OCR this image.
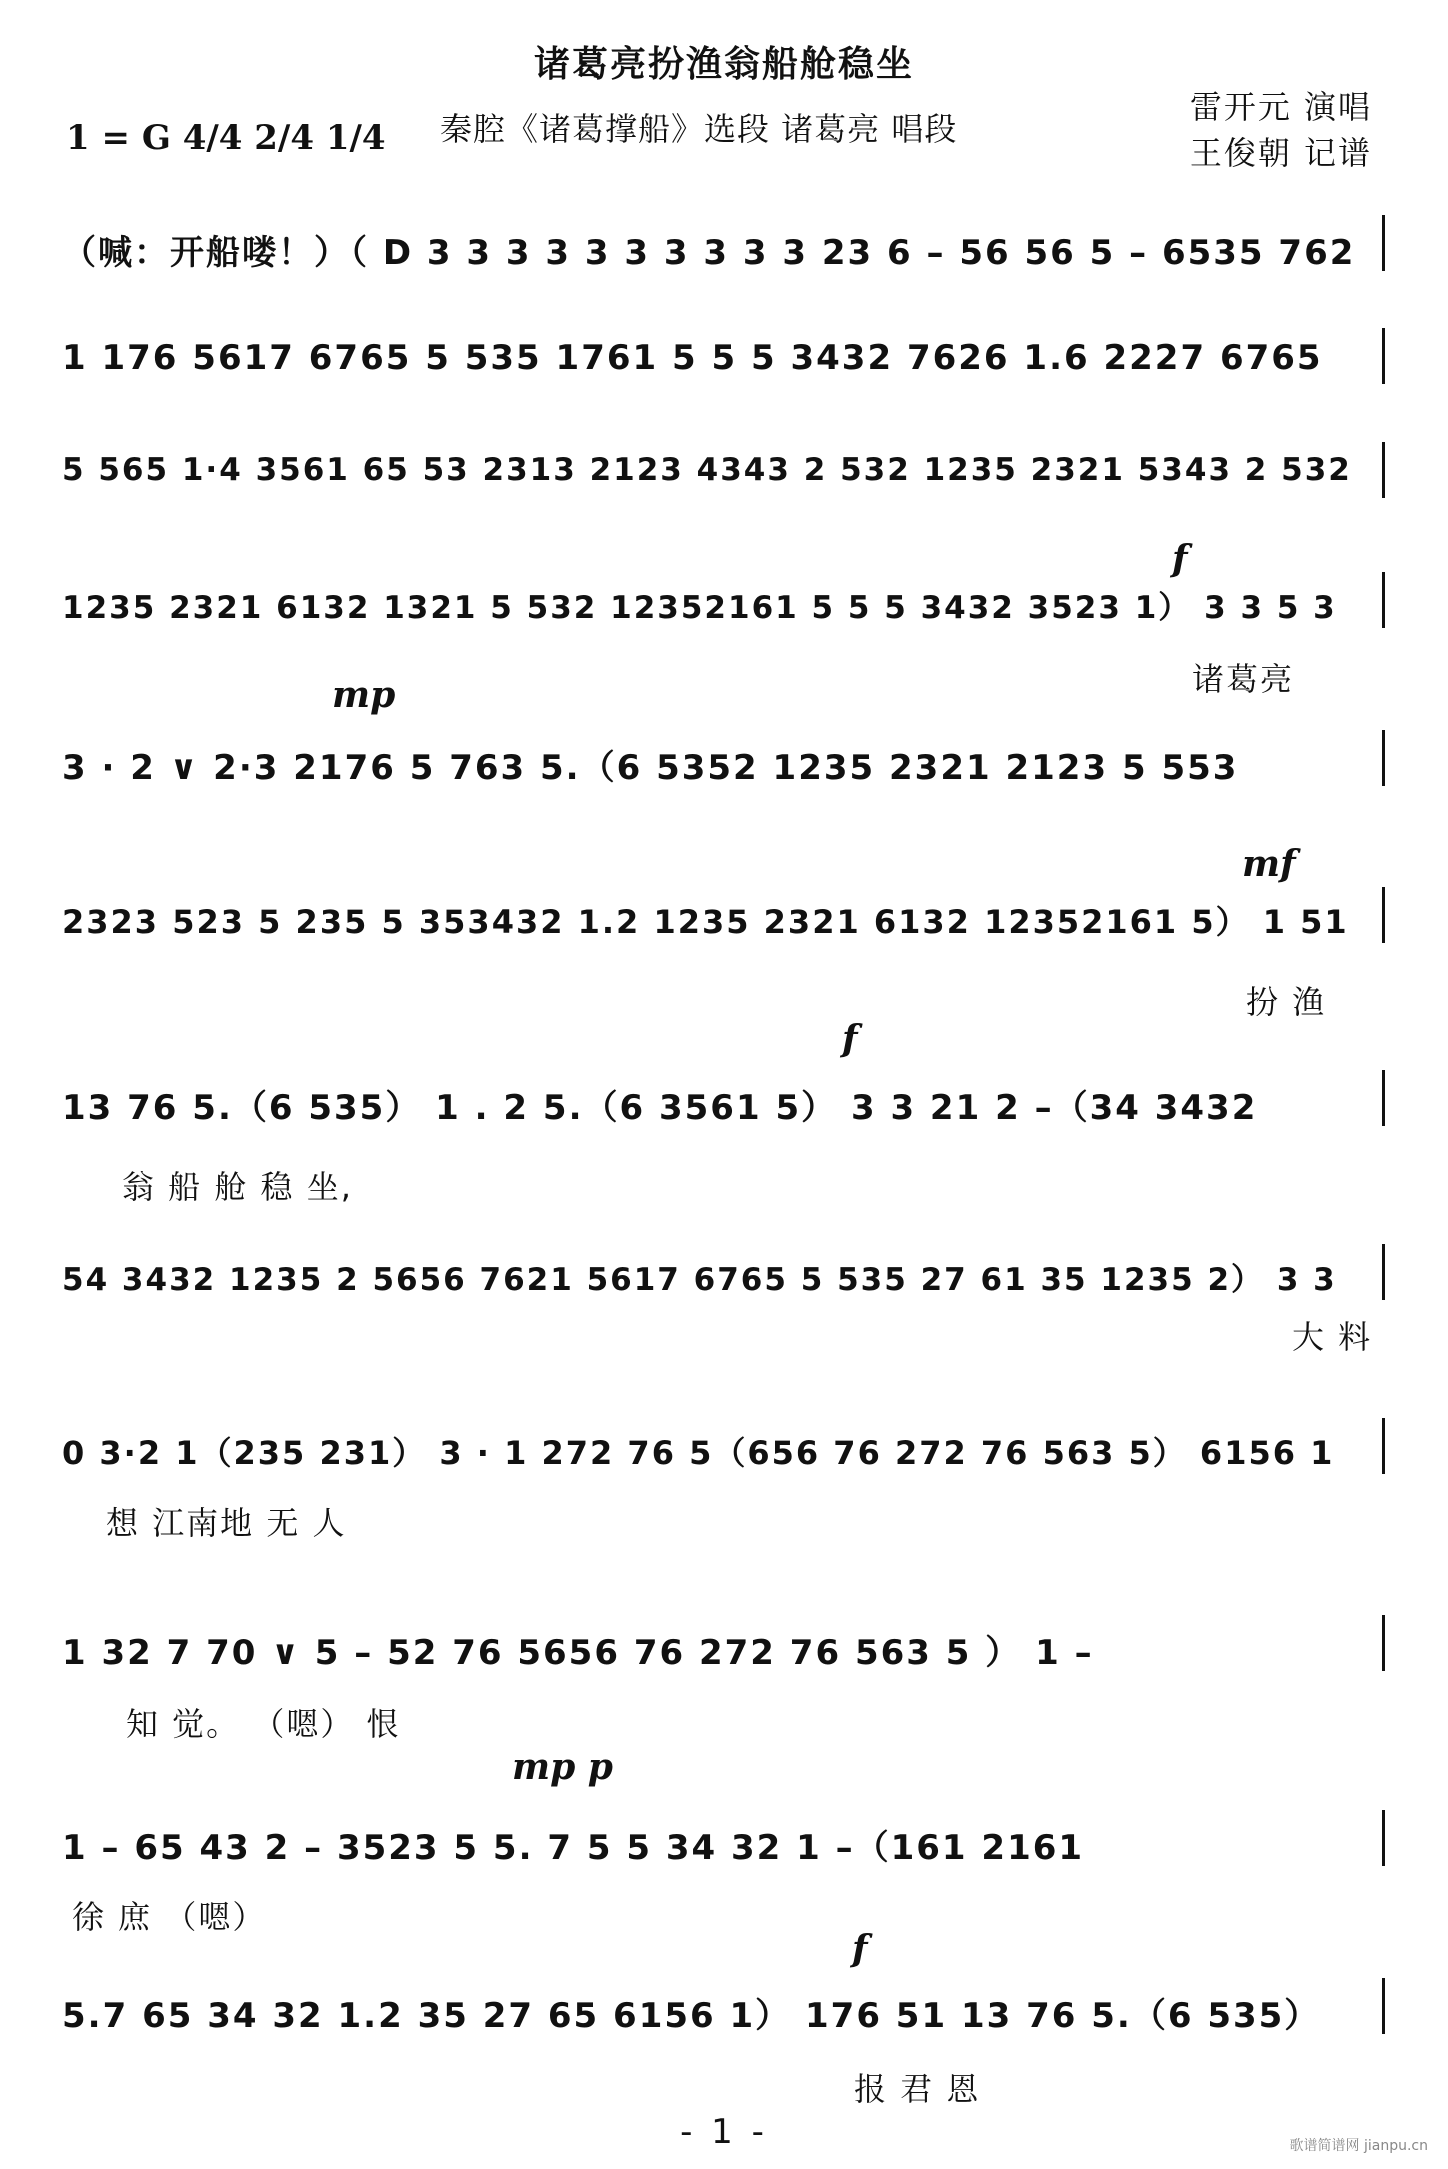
诸葛亮扮渔翁船舱稳坐
1 = G 4/4 2/4 1/4 秦腔《诸葛撑船》选段 诸葛亮 唱段
雷开元 演唱
王俊朝 记谱
（喊：开船喽！）（ D 3 3 3 3 3 3 3 3 3 3 23 6 – 56 56 5 – 6535 762
1 176 5617 6765 5 535 1761 5 5 5 3432 7626 1.6 2227 6765
5 565 1·4 3561 65 53 2313 2123 4343 2 532 1235 2321 5343 2 532
f
1235 2321 6132 1321 5 532 12352161 5 5 5 3432 3523 1） 3 3 5 3
诸葛亮
mp
3 · 2 ∨ 2·3 2176 5 763 5.（6 5352 1235 2321 2123 5 553
mf
2323 523 5 235 5 353432 1.2 1235 2321 6132 12352161 5） 1 51
扮 渔
f
13 76 5.（6 535） 1 . 2 5.（6 3561 5） 3 3 21 2 –（34 3432
翁 船 舱 稳 坐,
54 3432 1235 2 5656 7621 5617 6765 5 535 27 61 35 1235 2） 3 3
大 料
0 3·2 1（235 231） 3 · 1 272 76 5（656 76 272 76 563 5） 6156 1
想 江南地 无 人
1 32 7 70 ∨ 5 – 52 76 5656 76 272 76 563 5 ） 1 –
知 觉。 （嗯） 恨
mp p
1 – 65 43 2 – 3523 5 5. 7 5 5 34 32 1 –（161 2161
徐 庶 （嗯）
f
5.7 65 34 32 1.2 35 27 65 6156 1） 176 51 13 76 5.（6 535）
报 君 恩
- 1 -	歌谱简谱网 jianpu.cn
